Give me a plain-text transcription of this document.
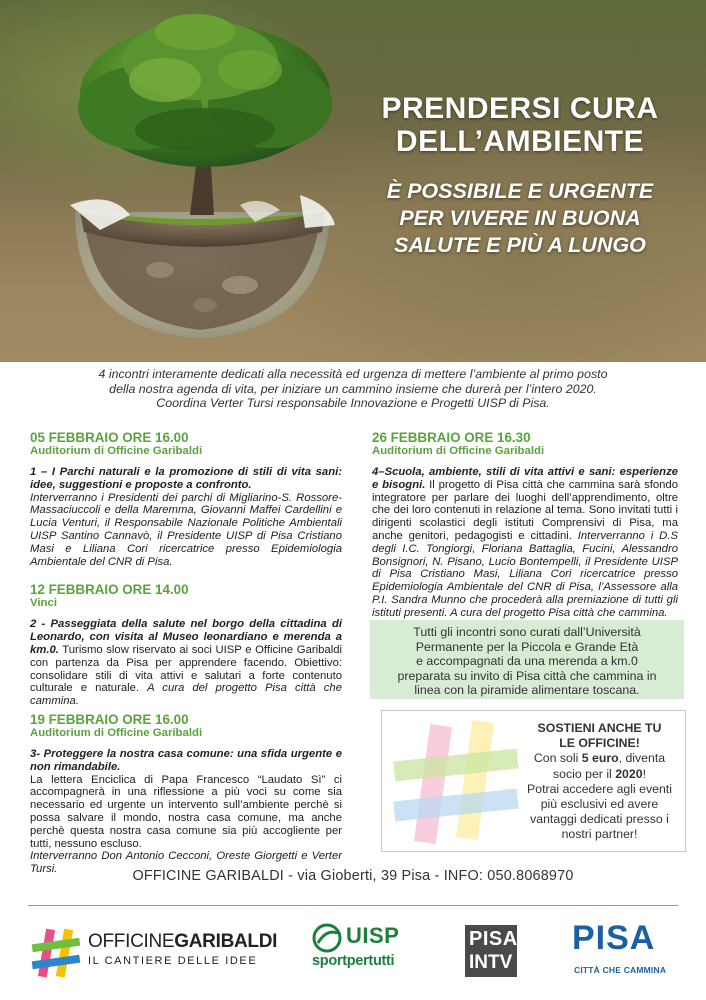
PRENDERSI CURA
DELL’AMBIENTE
È POSSIBILE E URGENTE
PER VIVERE IN BUONA
SALUTE E PIÙ A LUNGO
4 incontri interamente dedicati alla necessità ed urgenza di mettere l’ambiente al primo posto
della nostra agenda di vita, per iniziare un cammino insieme che durerà per l’intero 2020.
Coordina Verter Tursi responsabile Innovazione e Progetti UISP di Pisa.
05 FEBBRAIO ORE 16.00
Auditorium di Officine Garibaldi
1 – I Parchi naturali e la promozione di stili di vita sani: idee, suggestioni e proposte a confronto.
Interverranno i Presidenti dei parchi di Migliarino-S. Rossore-Massaciuccoli e della Maremma, Giovanni Maffei Cardellini e Lucia Venturi, il Responsabile Nazionale Politiche Ambientali UISP Santino Cannavò, il Presidente UISP di Pisa Cristiano Masi e Liliana Cori ricercatrice presso Epidemiologia Ambientale del CNR di Pisa.
12 FEBBRAIO ORE 14.00
Vinci
2 - Passeggiata della salute nel borgo della cittadina di Leonardo, con visita al Museo leonardiano e merenda a km.0. Turismo slow riservato ai soci UISP e Officine Garibaldi con partenza da Pisa per apprendere facendo. Obiettivo: consolidare stili di vita attivi e salutari a forte contenuto culturale e naturale. A cura del progetto Pisa città che cammina.
19 FEBBRAIO ORE 16.00
Auditorium di Officine Garibaldi
3- Proteggere la nostra casa comune: una sfida urgente e non rimandabile.
La lettera Enciclica di Papa Francesco “Laudato Sì” ci accompagnerà in una riflessione a più voci su come sia necessario ed urgente un intervento sull’ambiente perchè si possa salvare il mondo, nostra casa comune, ma anche perchè questa nostra casa comune sia più accogliente per tutti, nessuno escluso.
Interverranno Don Antonio Cecconi, Oreste Giorgetti e Verter Tursi.
26 FEBBRAIO ORE 16.30
Auditorium di Officine Garibaldi
4–Scuola, ambiente, stili di vita attivi e sani: esperienze e bisogni. Il progetto di Pisa città che cammina sarà sfondo integratore per parlare dei luoghi dell’apprendimento, oltre che dei loro contenuti in relazione al tema. Sono invitati tutti i dirigenti scolastici degli istituti Comprensivi di Pisa, ma anche genitori, pedagogisti e cittadini. Interverranno i D.S degli I.C. Tongiorgi, Floriana Battaglia, Fucini, Alessandro Bonsignori, N. Pisano, Lucio Bontempelli, il Presidente UISP di Pisa Cristiano Masi, Liliana Cori ricercatrice presso Epidemiologia Ambientale del CNR di Pisa, l’Assessore alla P.I. Sandra Munno che procederà alla premiazione di tutti gli istituti presenti. A cura del progetto Pisa città che cammina.
Tutti gli incontri sono curati dall’Università
Permanente per la Piccola e Grande Età
e accompagnati da una merenda a km.0
preparata su invito di Pisa città che cammina in
linea con la piramide alimentare toscana.
SOSTIENI ANCHE TU
LE OFFICINE!
Con soli 5 euro, diventa socio per il 2020!
Potrai accedere agli eventi più esclusivi ed avere vantaggi dedicati presso i nostri partner!
OFFICINE GARIBALDI - via Gioberti, 39 Pisa - INFO: 050.8068970
OFFICINEGARIBALDI
IL CANTIERE DELLE IDEE
UISP
sportpertutti
PISA
INTV
PISA
CITTÀ CHE CAMMINA
